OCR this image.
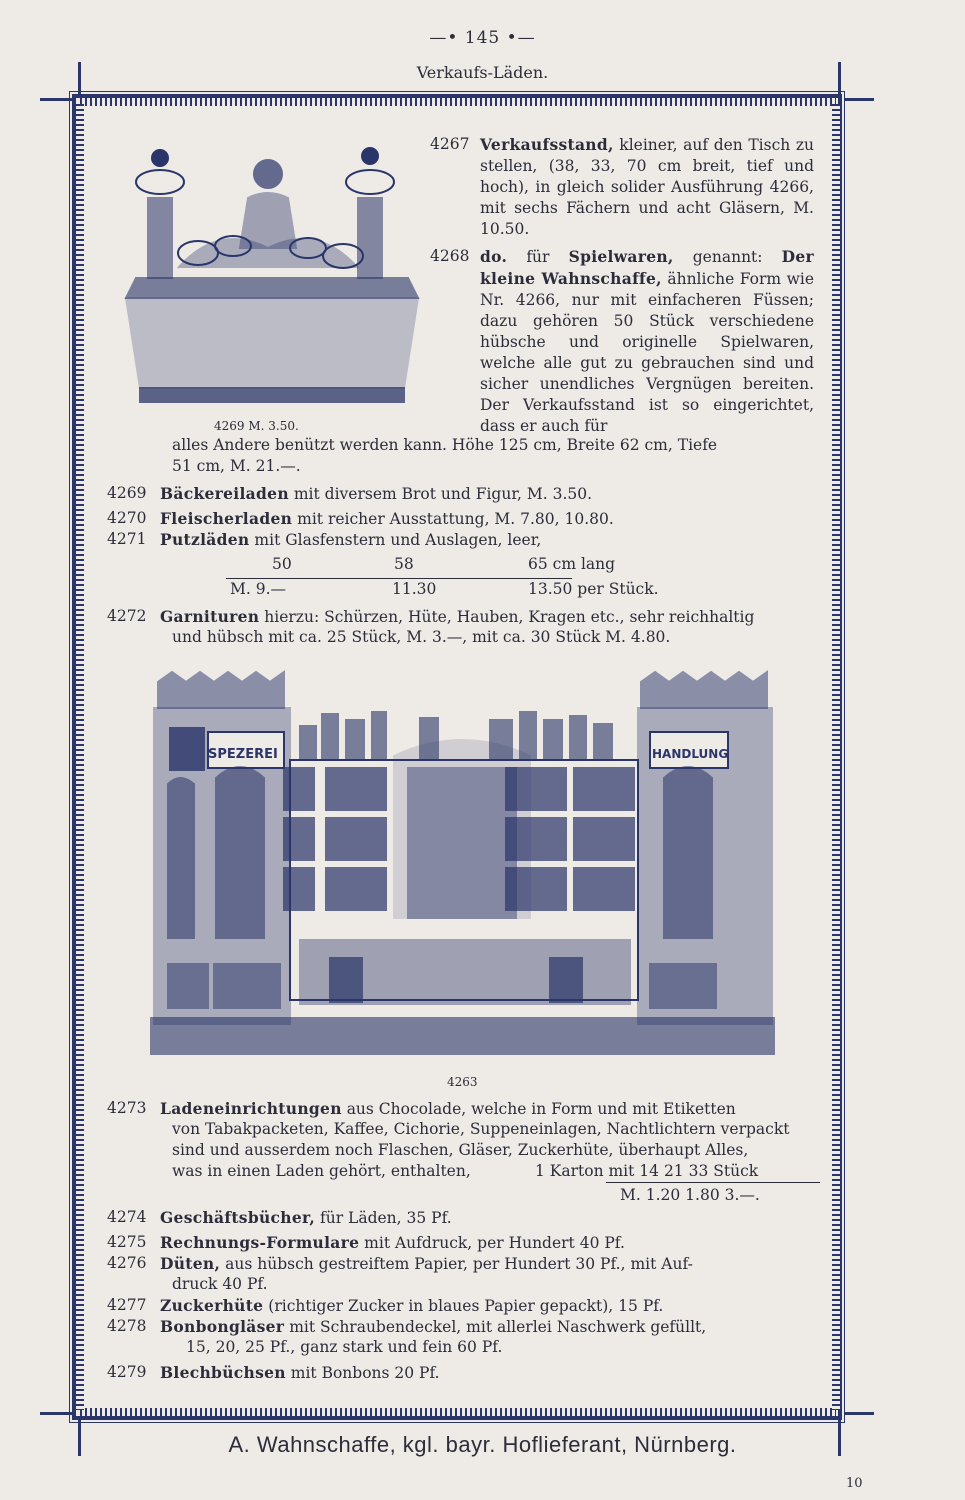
—• 145 •—
Verkaufs-Läden.
4269 M. 3.50.
4267 Verkaufsstand, kleiner, auf den Tisch zu stellen, (38, 33, 70 cm breit, tief und hoch), in gleich solider Ausführung 4266, mit sechs Fächern und acht Gläsern, M. 10.50.
4268 do. für Spielwaren, genannt: Der kleine Wahnschaffe, ähnliche Form wie Nr. 4266, nur mit einfacheren Füssen; dazu gehören 50 Stück verschiedene hübsche und originelle Spielwaren, welche alle gut zu gebrauchen sind und sicher unendliches Vergnügen bereiten. Der Verkaufsstand ist so eingerichtet, dass er auch für
alles Andere benützt werden kann. Höhe 125 cm, Breite 62 cm, Tiefe
51 cm, M. 21.—.
4269 Bäckereiladen mit diversem Brot und Figur, M. 3.50.
4270 Fleischerladen mit reicher Ausstattung, M. 7.80, 10.80.
4271 Putzläden mit Glasfenstern und Auslagen, leer,
50	58	65 cm lang
M. 9.—	11.30	13.50 per Stück.
4272 Garnituren hierzu: Schürzen, Hüte, Hauben, Kragen etc., sehr reichhaltig
und hübsch mit ca. 25 Stück, M. 3.—, mit ca. 30 Stück M. 4.80.
SPEZEREI	HANDLUNG
4263
4273 Ladeneinrichtungen aus Chocolade, welche in Form und mit Etiketten
von Tabakpacketen, Kaffee, Cichorie, Suppeneinlagen, Nachtlichtern verpackt
sind und ausserdem noch Flaschen, Gläser, Zuckerhüte, überhaupt Alles,
was in einen Laden gehört, enthalten,	1 Karton mit 14 21 33 Stück
M. 1.20 1.80 3.—.
4274 Geschäftsbücher, für Läden, 35 Pf.
4275 Rechnungs-Formulare mit Aufdruck, per Hundert 40 Pf.
4276 Düten, aus hübsch gestreiftem Papier, per Hundert 30 Pf., mit Auf-
druck 40 Pf.
4277 Zuckerhüte (richtiger Zucker in blaues Papier gepackt), 15 Pf.
4278 Bonbongläser mit Schraubendeckel, mit allerlei Naschwerk gefüllt,
15, 20, 25 Pf., ganz stark und fein 60 Pf.
4279 Blechbüchsen mit Bonbons 20 Pf.
A. Wahnschaffe, kgl. bayr. Hoflieferant, Nürnberg.
10
